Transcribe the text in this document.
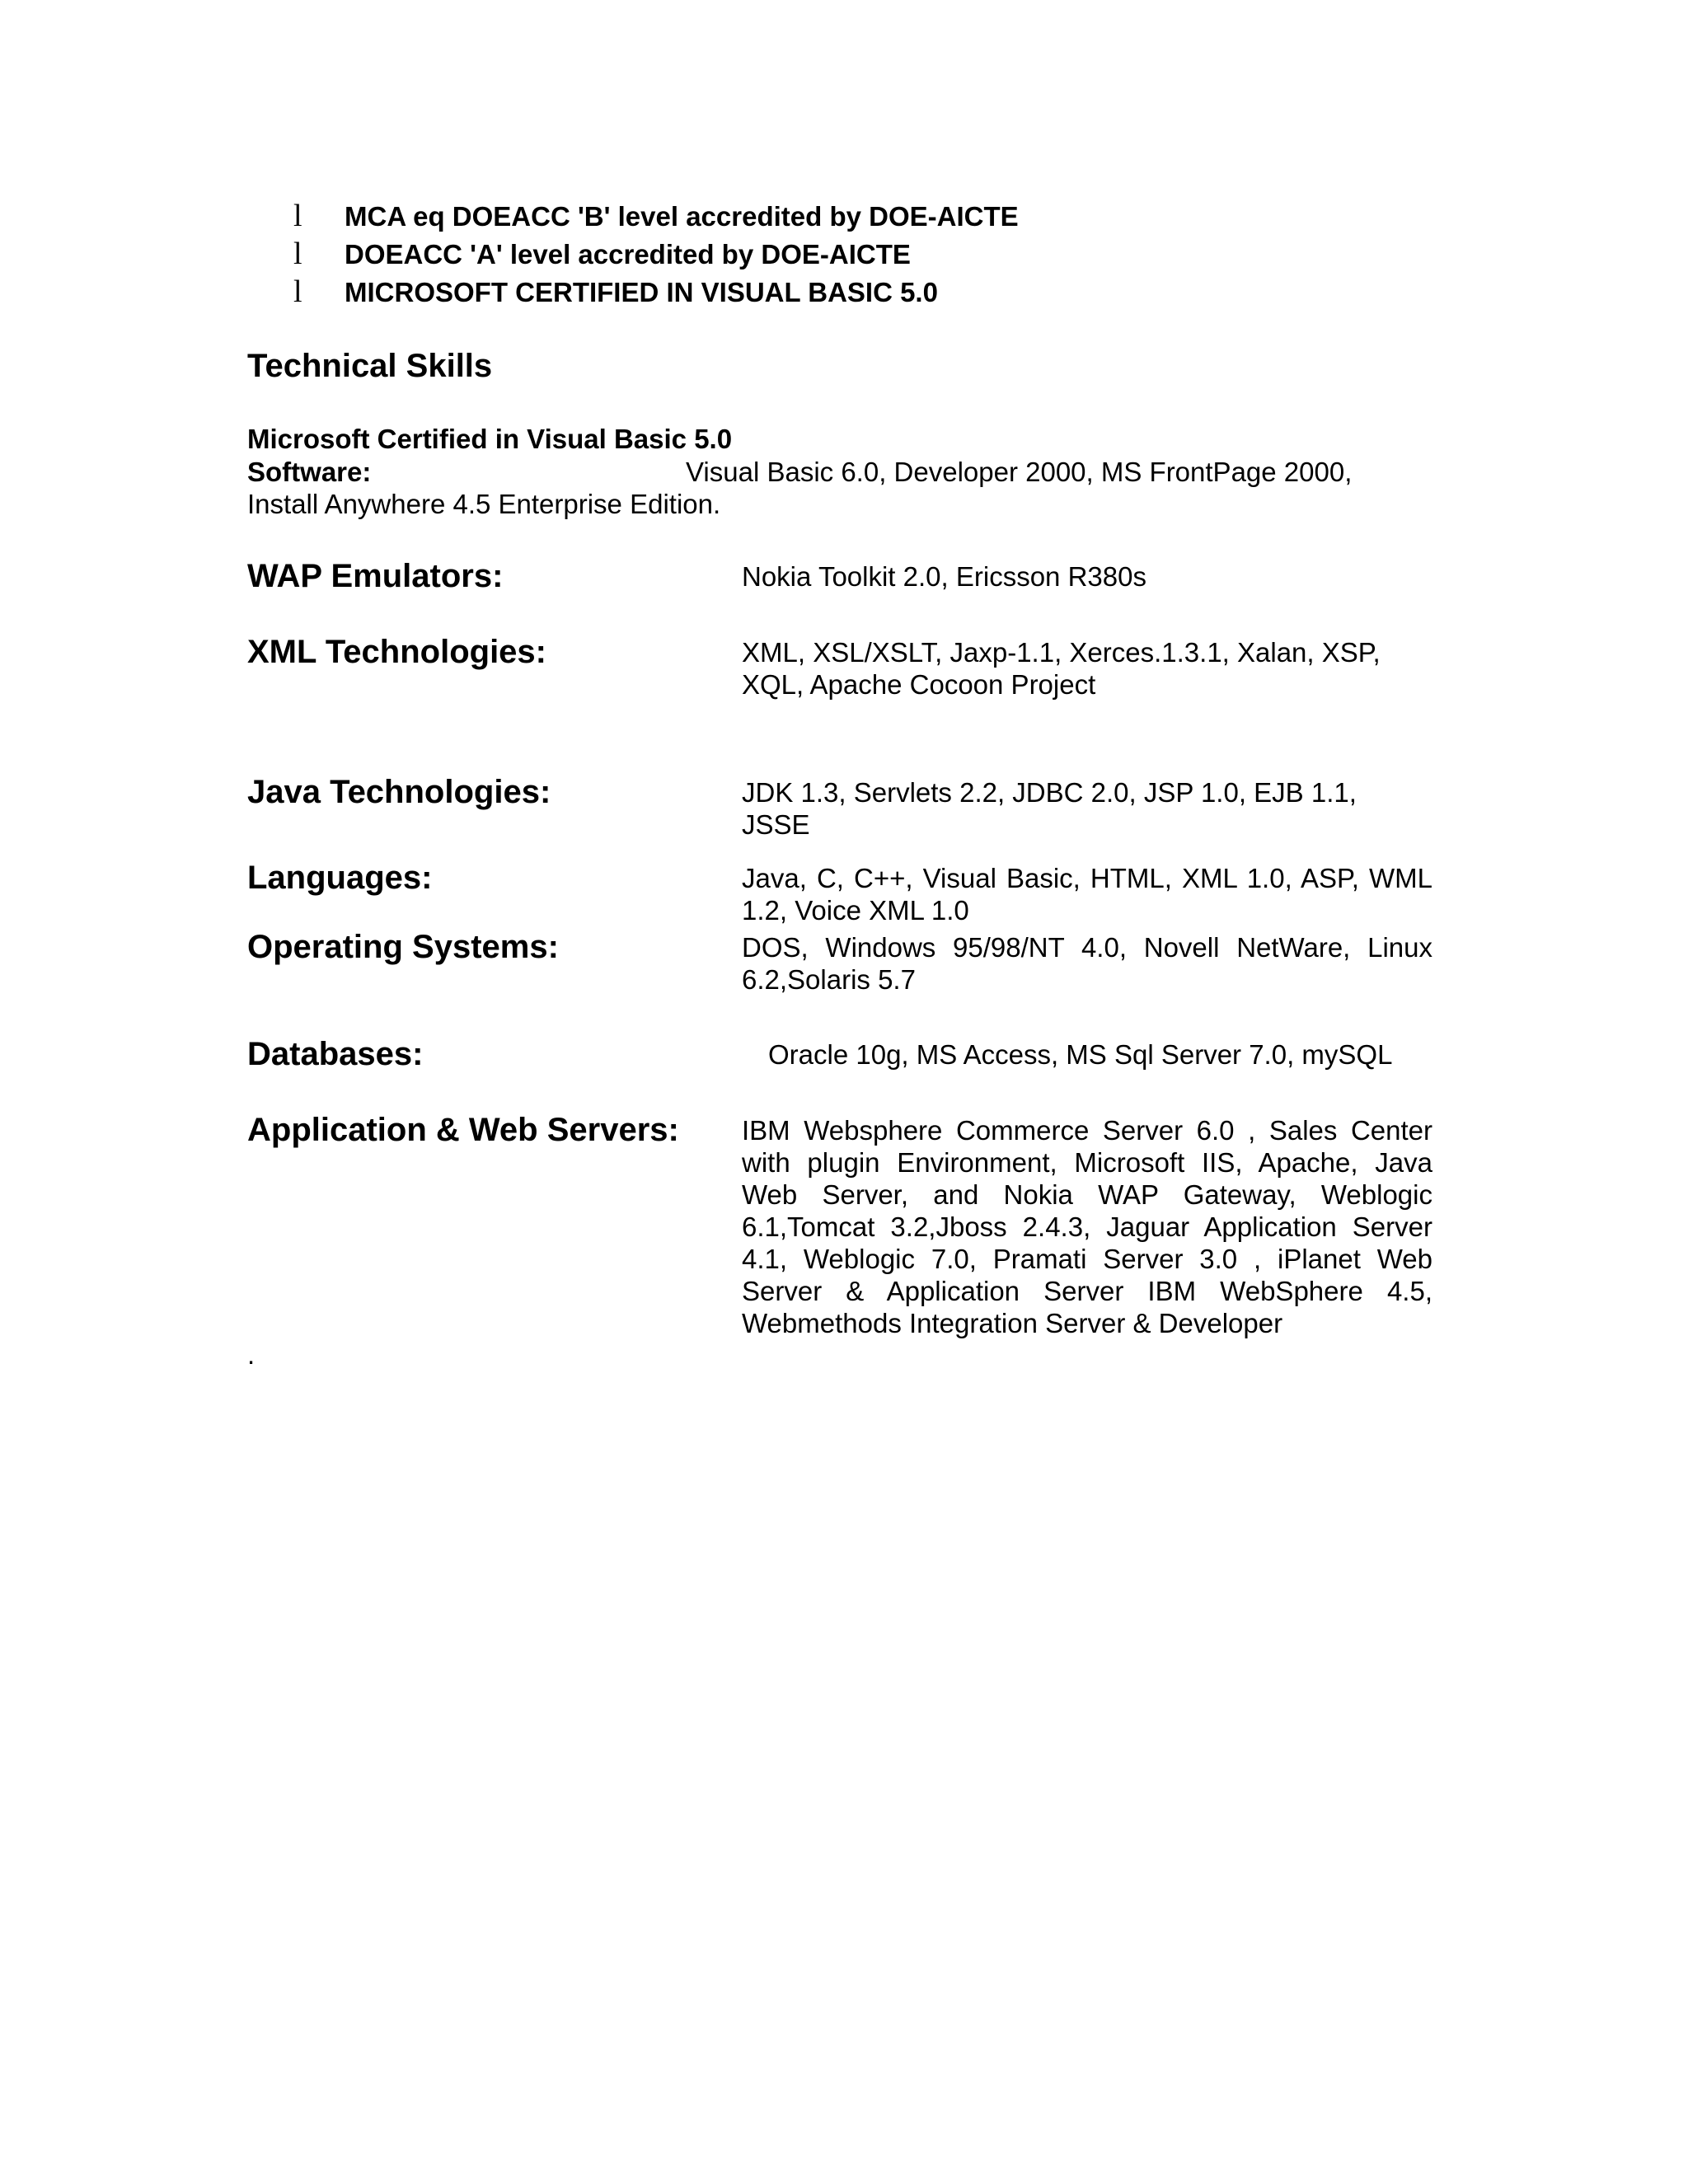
l	MCA eq DOEACC 'B' level accredited by DOE-AICTE
l	DOEACC 'A' level accredited by DOE-AICTE
l	MICROSOFT CERTIFIED IN VISUAL BASIC 5.0
Technical Skills

Microsoft Certified in Visual Basic 5.0

Software:	Visual Basic 6.0, Developer 2000, MS FrontPage 2000,
Install Anywhere 4.5 Enterprise Edition.
WAP Emulators:	Nokia Toolkit 2.0, Ericsson R380s
XML Technologies:	XML, XSL/XSLT, Jaxp-1.1, Xerces.1.3.1, Xalan, XSP, XQL, Apache Cocoon Project
Java Technologies:	JDK 1.3, Servlets 2.2, JDBC 2.0, JSP 1.0, EJB 1.1, JSSE
Languages:	Java, C, C++, Visual Basic, HTML, XML 1.0, ASP, WML 1.2, Voice XML 1.0
Operating Systems:	DOS, Windows 95/98/NT 4.0, Novell NetWare, Linux 6.2,Solaris 5.7
Databases:	Oracle 10g, MS Access, MS Sql Server 7.0, mySQL
Application & Web Servers:	IBM Websphere Commerce Server 6.0 , Sales Center with plugin Environment, Microsoft IIS, Apache, Java Web Server, and Nokia WAP Gateway, Weblogic 6.1,Tomcat 3.2,Jboss 2.4.3, Jaguar Application Server 4.1, Weblogic 7.0, Pramati Server 3.0 , iPlanet Web Server & Application Server IBM WebSphere 4.5, Webmethods Integration Server & Developer
.
